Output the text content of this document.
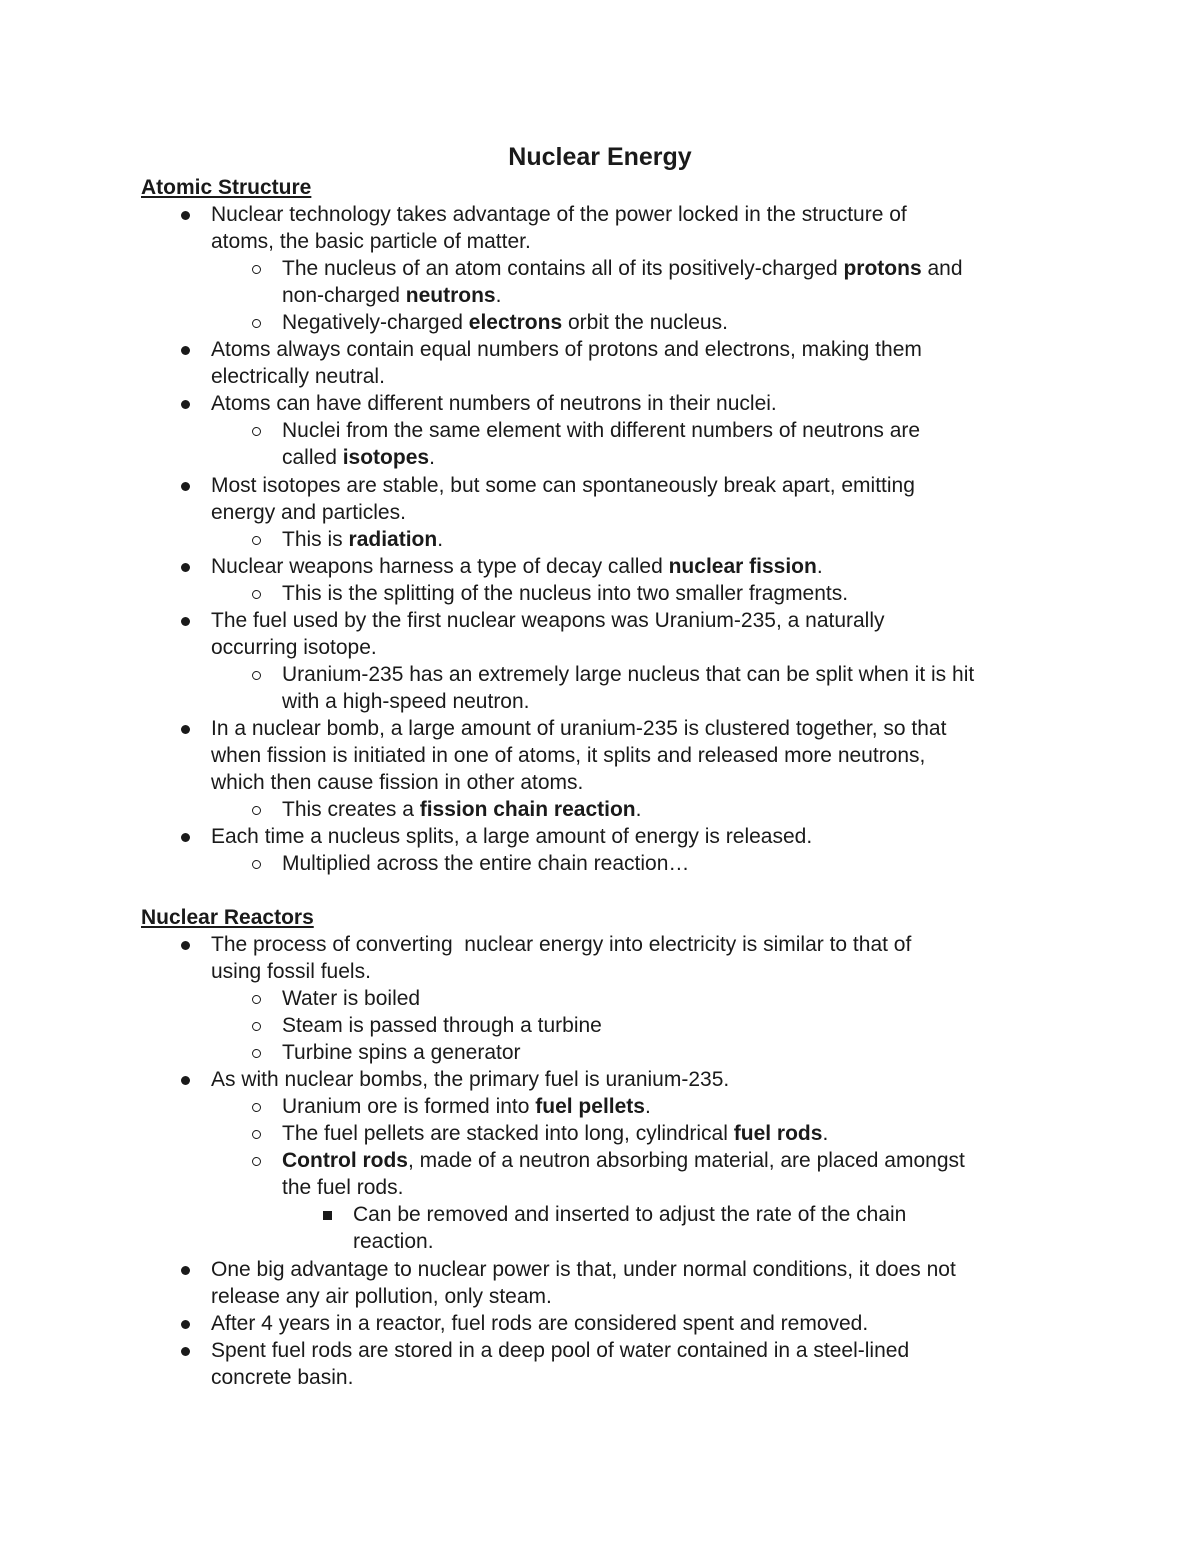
Nuclear Energy
Atomic Structure
Nuclear technology takes advantage of the power locked in the structure of
atoms, the basic particle of matter.
The nucleus of an atom contains all of its positively-charged protons and
non-charged neutrons.
Negatively-charged electrons orbit the nucleus.
Atoms always contain equal numbers of protons and electrons, making them
electrically neutral.
Atoms can have different numbers of neutrons in their nuclei.
Nuclei from the same element with different numbers of neutrons are
called isotopes.
Most isotopes are stable, but some can spontaneously break apart, emitting
energy and particles.
This is radiation.
Nuclear weapons harness a type of decay called nuclear fission.
This is the splitting of the nucleus into two smaller fragments.
The fuel used by the first nuclear weapons was Uranium-235, a naturally
occurring isotope.
Uranium-235 has an extremely large nucleus that can be split when it is hit
with a high-speed neutron.
In a nuclear bomb, a large amount of uranium-235 is clustered together, so that
when fission is initiated in one of atoms, it splits and released more neutrons,
which then cause fission in other atoms.
This creates a fission chain reaction.
Each time a nucleus splits, a large amount of energy is released.
Multiplied across the entire chain reaction…
Nuclear Reactors
The process of converting  nuclear energy into electricity is similar to that of
using fossil fuels.
Water is boiled
Steam is passed through a turbine
Turbine spins a generator
As with nuclear bombs, the primary fuel is uranium-235.
Uranium ore is formed into fuel pellets.
The fuel pellets are stacked into long, cylindrical fuel rods.
Control rods, made of a neutron absorbing material, are placed amongst
the fuel rods.
Can be removed and inserted to adjust the rate of the chain
reaction.
One big advantage to nuclear power is that, under normal conditions, it does not
release any air pollution, only steam.
After 4 years in a reactor, fuel rods are considered spent and removed.
Spent fuel rods are stored in a deep pool of water contained in a steel-lined
concrete basin.
